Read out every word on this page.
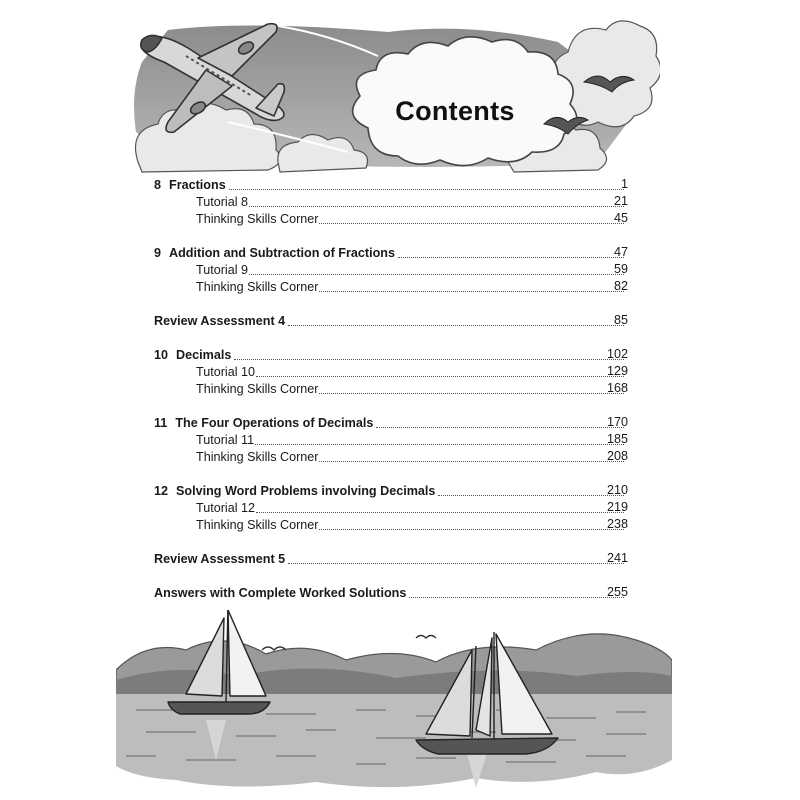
Contents
8 Fractions	1
Tutorial 8	21
Thinking Skills Corner	45
9 Addition and Subtraction of Fractions	47
Tutorial 9	59
Thinking Skills Corner	82
Review Assessment 4	85
10 Decimals	102
Tutorial 10	129
Thinking Skills Corner	168
11 The Four Operations of Decimals	170
Tutorial 11	185
Thinking Skills Corner	208
12 Solving Word Problems involving Decimals	210
Tutorial 12	219
Thinking Skills Corner	238
Review Assessment 5	241
Answers with Complete Worked Solutions	255
